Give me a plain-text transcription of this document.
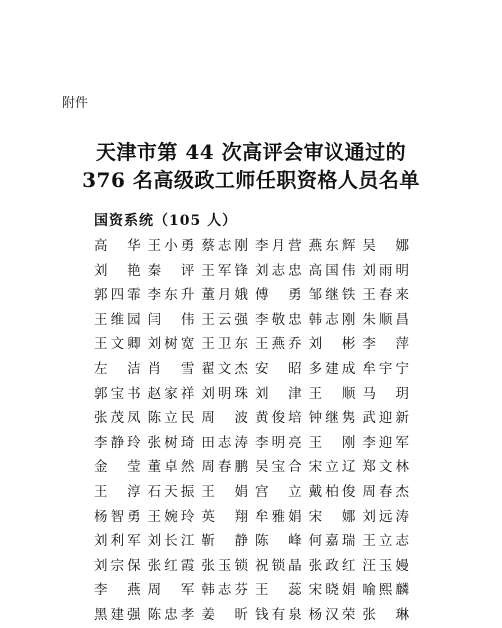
附件
天津市第 44 次高评会审议通过的
376 名高级政工师任职资格人员名单
国资系统（105 人）
高　华 王小勇 蔡志刚 李月营 燕东辉 吴　娜
刘　艳 秦　评 王军锋 刘志忠 高国伟 刘雨明
郭四霏 李东升 董月娥 傅　勇 邹继铁 王春来
王维园 闫　伟 王云强 李敬忠 韩志刚 朱顺昌
王文卿 刘树宽 王卫东 王燕乔 刘　彬 李　萍
左　洁 肖　雪 翟文杰 安　昭 多建成 牟宇宁
郭宝书 赵家祥 刘明珠 刘　津 王　顺 马　玥
张茂凤 陈立民 周　波 黄俊培 钟继隽 武迎新
李静玲 张树琦 田志涛 李明亮 王　刚 李迎军
金　莹 董卓然 周春鹏 吴宝合 宋立辽 郑文林
王　淳 石天振 王　娟 宫　立 戴柏俊 周春杰
杨智勇 王婉玲 英　翔 牟雅娟 宋　娜 刘远涛
刘利军 刘长江 靳　静 陈　峰 何嘉瑞 王立志
刘宗保 张红霞 张玉锁 祝锁晶 张政红 汪玉嫚
李　燕 周　军 韩志芬 王　蕊 宋晓娟 喻熙麟
黑建强 陈忠孝 姜　昕 钱有泉 杨汉荣 张　琳
